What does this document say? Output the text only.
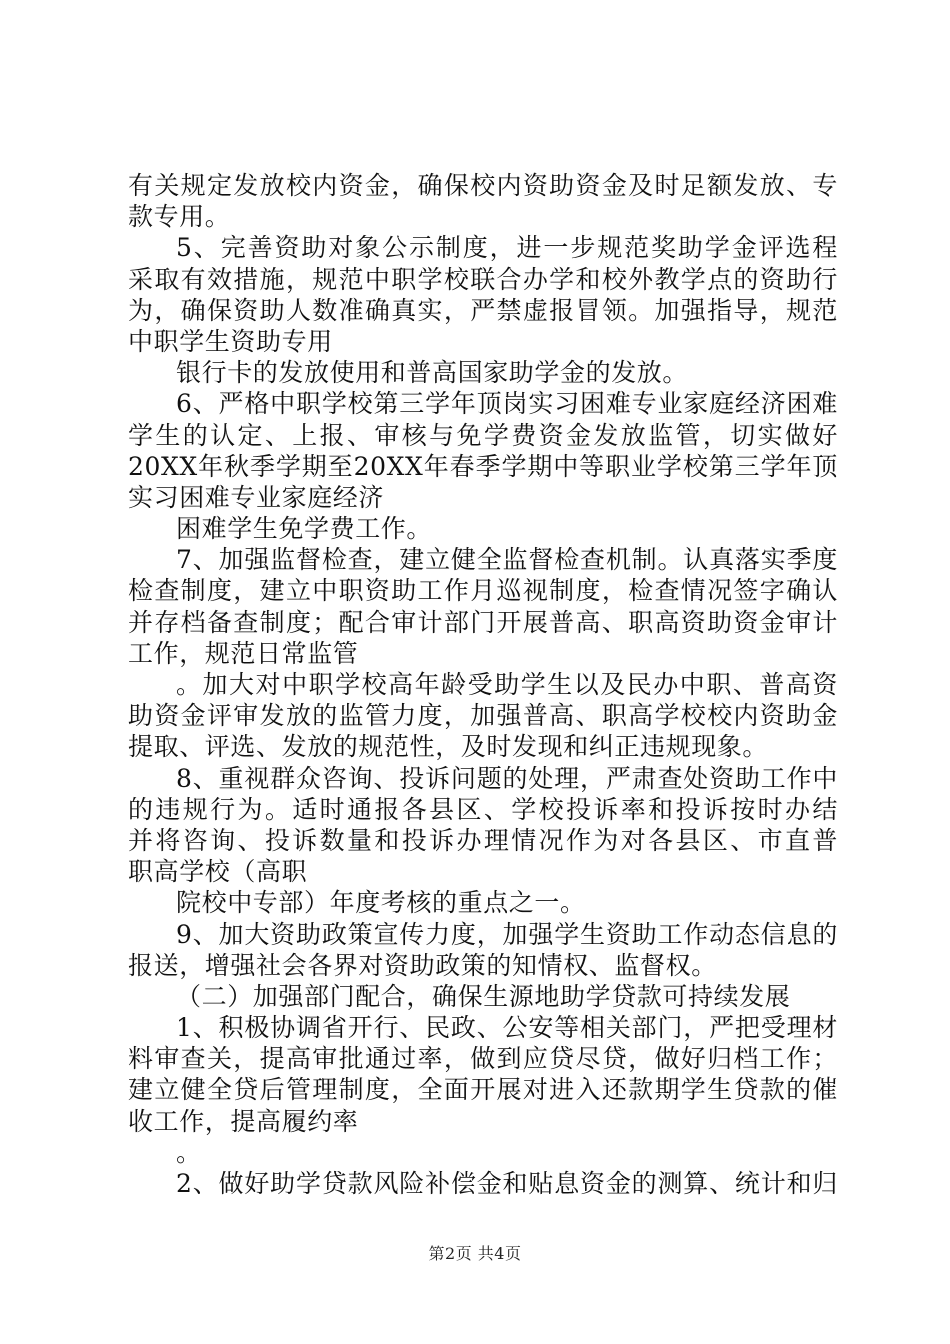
有关规定发放校内资金，确保校内资助资金及时足额发放、专
款专用。
5、完善资助对象公示制度，进一步规范奖助学金评选程
采取有效措施，规范中职学校联合办学和校外教学点的资助行
为，确保资助人数准确真实，严禁虚报冒领。加强指导，规范
中职学生资助专用
银行卡的发放使用和普高国家助学金的发放。
6、严格中职学校第三学年顶岗实习困难专业家庭经济困难
学生的认定、上报、审核与免学费资金发放监管，切实做好
20XX年秋季学期至20XX年春季学期中等职业学校第三学年顶
实习困难专业家庭经济
困难学生免学费工作。
7、加强监督检查，建立健全监督检查机制。认真落实季度
检查制度，建立中职资助工作月巡视制度，检查情况签字确认
并存档备查制度；配合审计部门开展普高、职高资助资金审计
工作，规范日常监管
。加大对中职学校高年龄受助学生以及民办中职、普高资
助资金评审发放的监管力度，加强普高、职高学校校内资助金
提取、评选、发放的规范性，及时发现和纠正违规现象。
8、重视群众咨询、投诉问题的处理，严肃查处资助工作中
的违规行为。适时通报各县区、学校投诉率和投诉按时办结
并将咨询、投诉数量和投诉办理情况作为对各县区、市直普
职高学校（高职
院校中专部）年度考核的重点之一。
9、加大资助政策宣传力度，加强学生资助工作动态信息的
报送，增强社会各界对资助政策的知情权、监督权。
（二）加强部门配合，确保生源地助学贷款可持续发展
1、积极协调省开行、民政、公安等相关部门，严把受理材
料审查关，提高审批通过率，做到应贷尽贷，做好归档工作；
建立健全贷后管理制度，全面开展对进入还款期学生贷款的催
收工作，提高履约率
。
2、做好助学贷款风险补偿金和贴息资金的测算、统计和归
第2页 共4页
